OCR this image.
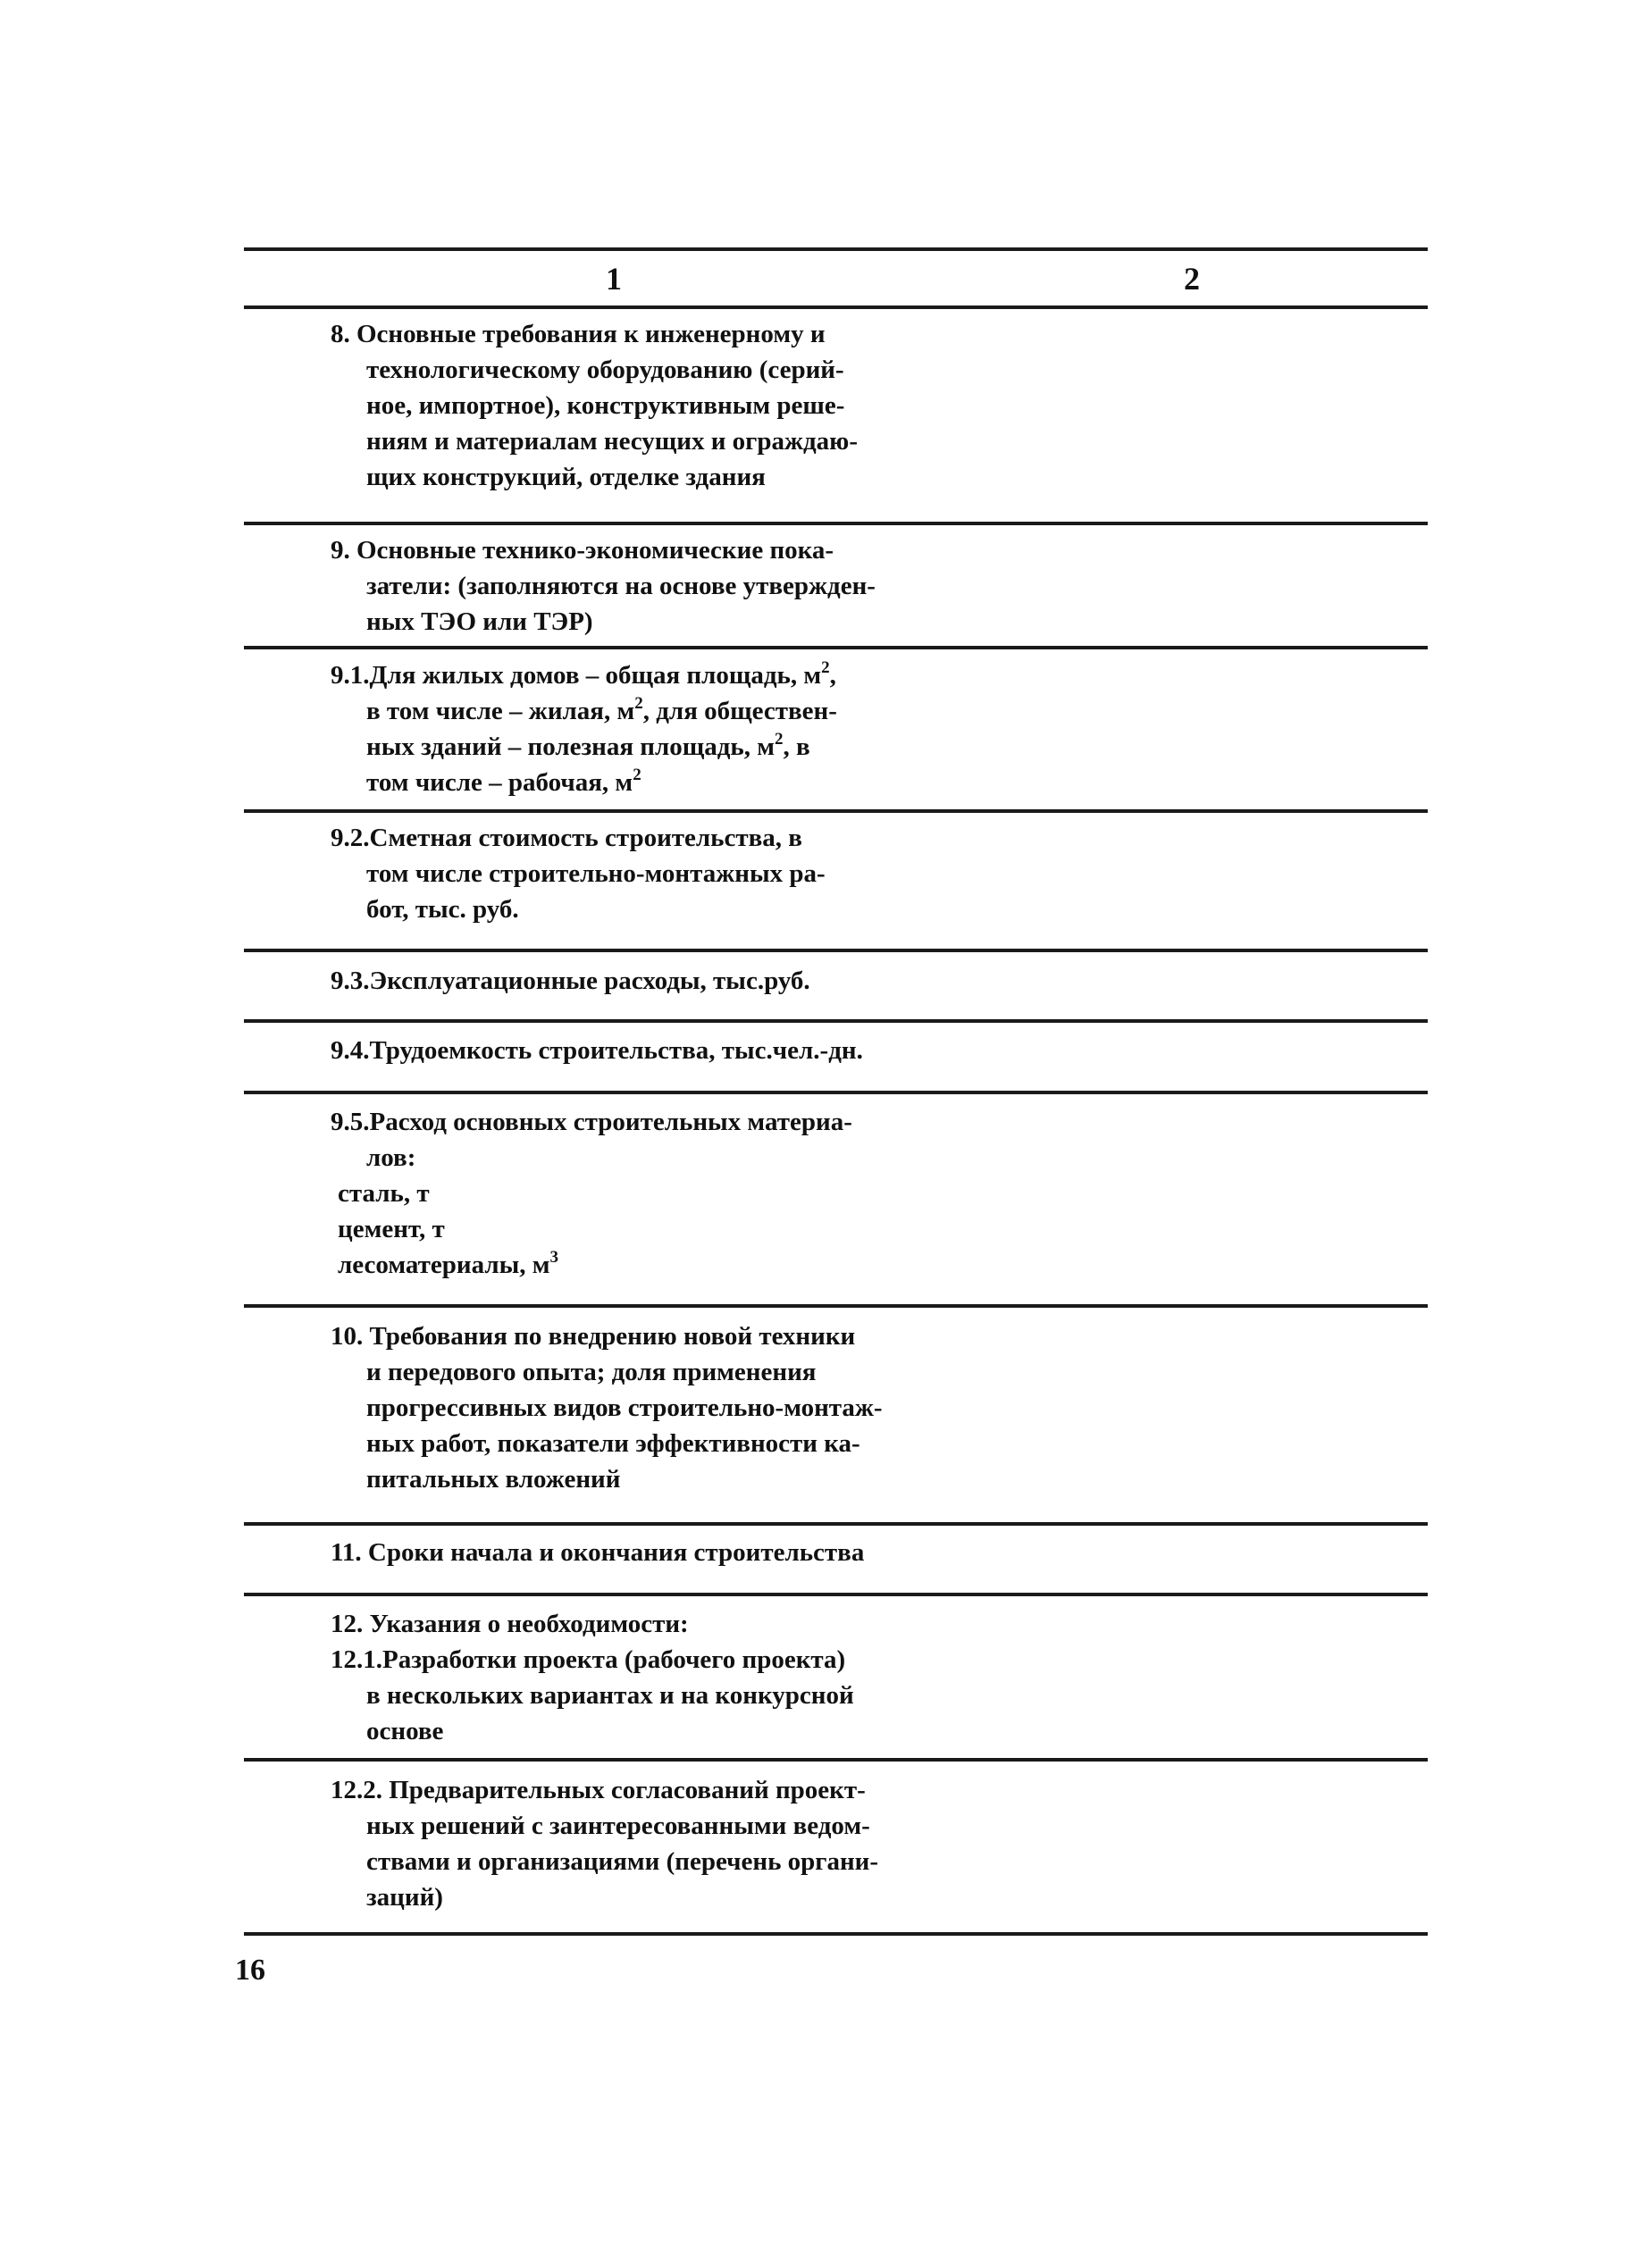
1	2
8. Основные требования к инженерному и
технологическому оборудованию (серий-
ное, импортное), конструктивным реше-
ниям и материалам несущих и ограждаю-
щих конструкций, отделке здания
9. Основные технико-экономические пока-
затели: (заполняются на основе утвержден-
ных ТЭО или ТЭР)
9.1.Для жилых домов – общая площадь, $м^2$,
в том числе – жилая, $м^2$, для обществен-
ных зданий – полезная площадь, $м^2$, в
том числе – рабочая, $м^2$
9.2.Сметная стоимость строительства, в
том числе строительно-монтажных ра-
бот, тыс. руб.
9.3.Эксплуатационные расходы, тыс.руб.
9.4.Трудоемкость строительства, тыс.чел.-дн.
9.5.Расход основных строительных материа-
лов:
сталь, т
цемент, т
лесоматериалы, $м^3$
10. Требования по внедрению новой техники
и передового опыта; доля применения
прогрессивных видов строительно-монтаж-
ных работ, показатели эффективности ка-
питальных вложений
11. Сроки начала и окончания строительства
12. Указания о необходимости:
12.1.Разработки проекта (рабочего проекта)
в нескольких вариантах и на конкурсной
основе
12.2. Предварительных согласований проект-
ных решений с заинтересованными ведом-
ствами и организациями (перечень органи-
заций)
16
